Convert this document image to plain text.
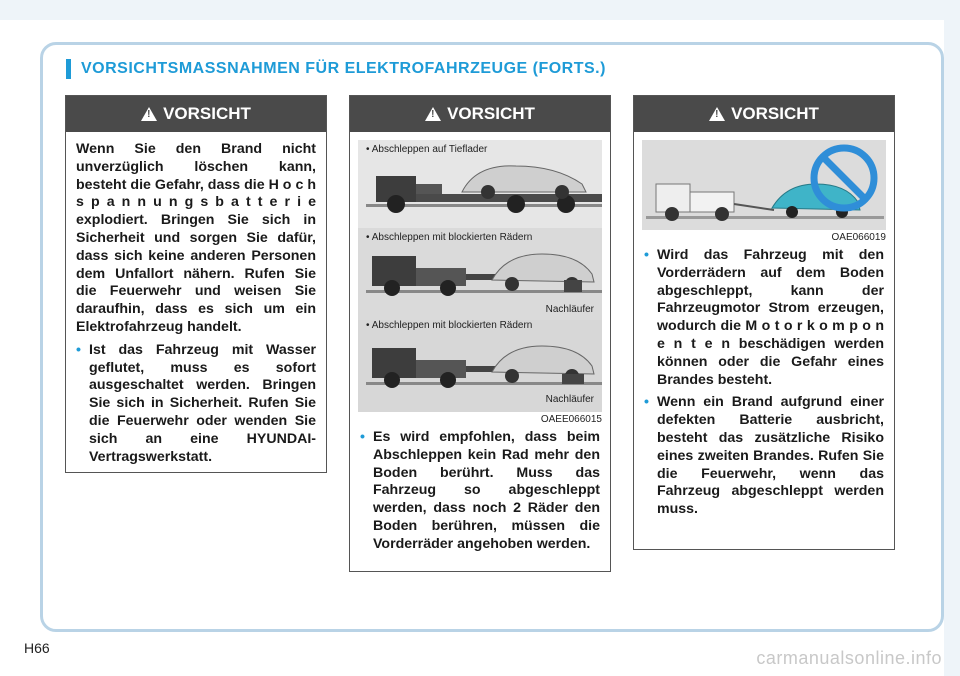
VORSICHTSMASSNAHMEN FÜR ELEKTROFAHRZEUGE (FORTS.)
!
VORSICHT

Wenn Sie den Brand nicht unverzüglich löschen kann, besteht die Gefahr, dass die H o c h s p a n n u n g s b a t t e r i e explodiert. Bringen Sie sich in Sicherheit und sorgen Sie dafür, dass sich keine anderen Personen dem Unfallort nähern. Rufen Sie die Feuerwehr und weisen Sie daraufhin, dass es sich um ein Elektrofahrzeug handelt.

• Ist das Fahrzeug mit Wasser geflutet, muss es sofort ausgeschaltet werden. Bringen Sie sich in Sicherheit. Rufen Sie die Feuerwehr oder wenden Sie sich an eine HYUNDAI-Vertragswerkstatt.

!
VORSICHT
• Abschleppen auf Tieflader
• Abschleppen mit blockierten Rädern
Nachläufer
• Abschleppen mit blockierten Rädern
Nachläufer
OAEE066015

• Es wird empfohlen, dass beim Abschleppen kein Rad mehr den Boden berührt. Muss das Fahrzeug so abgeschleppt werden, dass noch 2 Räder den Boden berühren, müssen die Vorderräder angehoben werden.

!
VORSICHT
OAE066019

• Wird das Fahrzeug mit den Vorderrädern auf dem Boden abgeschleppt, kann der Fahrzeugmotor Strom erzeugen, wodurch die M o t o r k o m p o n e n t e n beschädigen werden können oder die Gefahr eines Brandes besteht.

• Wenn ein Brand aufgrund einer defekten Batterie ausbricht, besteht das zusätzliche Risiko eines zweiten Brandes. Rufen Sie die Feuerwehr, wenn das Fahrzeug abgeschleppt werden muss.

H66	carmanualsonline.info
